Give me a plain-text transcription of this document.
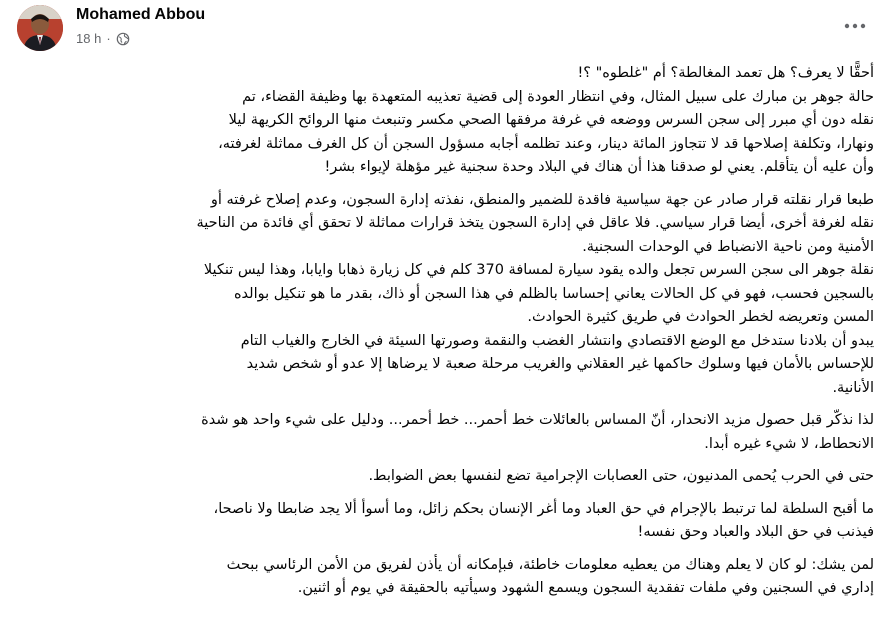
Mohamed Abbou
18 h ·

أحقًّا لا يعرف؟ هل تعمد المغالطة؟ أم "غلطوه" ؟!
حالة جوهر بن مبارك على سبيل المثال، وفي انتظار العودة إلى قضية تعذيبه المتعهدة بها وظيفة القضاء، تم
نقله دون أي مبرر إلى سجن السرس ووضعه في غرفة مرفقها الصحي مكسر وتنبعث منها الروائح الكريهة ليلا
ونهارا، وتكلفة إصلاحها قد لا تتجاوز المائة دينار، وعند تظلمه أجابه مسؤول السجن أن كل الغرف مماثلة لغرفته،
وأن عليه أن يتأقلم. يعني لو صدقنا هذا أن هناك في البلاد وحدة سجنية غير مؤهلة لإيواء بشر!

طبعا قرار نقلته قرار صادر عن جهة سياسية فاقدة للضمير والمنطق، نفذته إدارة السجون، وعدم إصلاح غرفته أو
نقله لغرفة أخرى، أيضا قرار سياسي. فلا عاقل في إدارة السجون يتخذ قرارات مماثلة لا تحقق أي فائدة من الناحية
الأمنية ومن ناحية الانضباط في الوحدات السجنية.
نقلة جوهر الى سجن السرس تجعل والده يقود سيارة لمسافة 370 كلم في كل زيارة ذهابا وايابا، وهذا ليس تنكيلا
بالسجين فحسب، فهو في كل الحالات يعاني إحساسا بالظلم في هذا السجن أو ذاك، بقدر ما هو تنكيل بوالده
المسن وتعريضه لخطر الحوادث في طريق كثيرة الحوادث.
يبدو أن بلادنا ستدخل مع الوضع الاقتصادي وانتشار الغضب والنقمة وصورتها السيئة في الخارج والغياب التام
للإحساس بالأمان فيها وسلوك حاكمها غير العقلاني والغريب مرحلة صعبة لا يرضاها إلا عدو أو شخص شديد
الأنانية.

لذا نذكّر قبل حصول مزيد الانحدار، أنّ المساس بالعائلات خط أحمر... خط أحمر... ودليل على شيء واحد هو شدة
الانحطاط، لا شيء غيره أبدا.

حتى في الحرب يُحمى المدنيون، حتى العصابات الإجرامية تضع لنفسها بعض الضوابط.

ما أقبح السلطة لما ترتبط بالإجرام في حق العباد وما أغر الإنسان بحكم زائل، وما أسوأ ألا يجد ضابطا ولا ناصحا،
فيذنب في حق البلاد والعباد وحق نفسه!

لمن يشك: لو كان لا يعلم وهناك من يعطيه معلومات خاطئة، فبإمكانه أن يأذن لفريق من الأمن الرئاسي ببحث
إداري في السجنين وفي ملفات تفقدية السجون ويسمع الشهود وسيأتيه بالحقيقة في يوم أو اثنين.
